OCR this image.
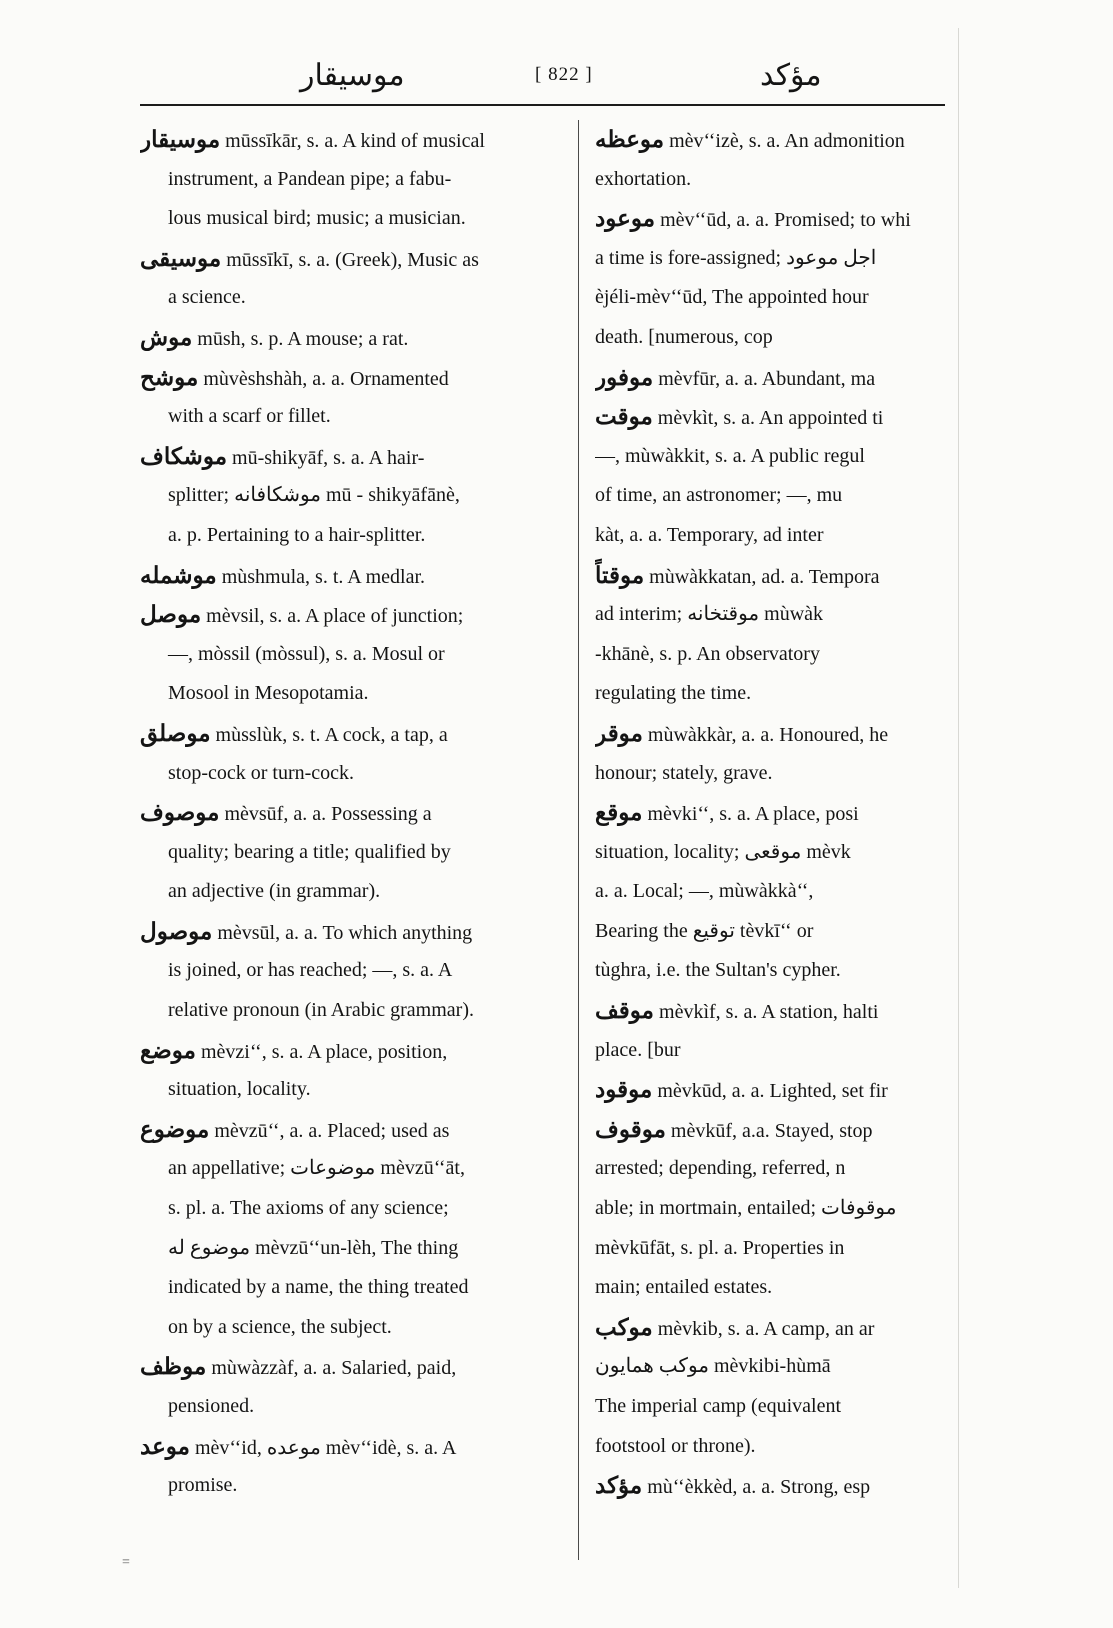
موسیقار	[ 822 ]	مؤكد
موسیقار mūssīkār, s. a. A kind of musical
instrument, a Pandean pipe; a fabu-
lous musical bird; music; a musician.
موسیقی mūssīkī, s. a. (Greek), Music as
a science.
موش mūsh, s. p. A mouse; a rat.
موشح mùvèshshàh, a. a. Ornamented
with a scarf or fillet.
موشكاف mū-shikyāf, s. a. A hair-
splitter; موشكافانه mū - shikyāfānè,
a. p. Pertaining to a hair-splitter.
موشمله mùshmula, s. t. A medlar.
موصل mèvsil, s. a. A place of junction;
—, mòssil (mòssul), s. a. Mosul or
Mosool in Mesopotamia.
موصلق mùsslùk, s. t. A cock, a tap, a
stop-cock or turn-cock.
موصوف mèvsūf, a. a. Possessing a
quality; bearing a title; qualified by
an adjective (in grammar).
موصول mèvsūl, a. a. To which anything
is joined, or has reached; —, s. a. A
relative pronoun (in Arabic grammar).
موضع mèvzi‘‘, s. a. A place, position,
situation, locality.
موضوع mèvzū‘‘, a. a. Placed; used as
an appellative; موضوعات mèvzū‘‘āt,
s. pl. a. The axioms of any science;
موضوع له mèvzū‘‘un-lèh, The thing
indicated by a name, the thing treated
on by a science, the subject.
موظف mùwàzzàf, a. a. Salaried, paid,
pensioned.
موعد mèv‘‘id, موعده mèv‘‘idè, s. a. A
promise.
موعظه mèv‘‘izè, s. a. An admonition
exhortation.
موعود mèv‘‘ūd, a. a. Promised; to whi
a time is fore-assigned; اجل موعود
èjéli-mèv‘‘ūd, The appointed hour
death. [numerous, cop
موفور mèvfūr, a. a. Abundant, ma
موقت mèvkìt, s. a. An appointed ti
—, mùwàkkit, s. a. A public regul
of time, an astronomer; —, mu
kàt, a. a. Temporary, ad inter
موقتاً mùwàkkatan, ad. a. Tempora
ad interim; موقتخانه mùwàk
-khānè, s. p. An observatory
regulating the time.
موقر mùwàkkàr, a. a. Honoured, he
honour; stately, grave.
موقع mèvki‘‘, s. a. A place, posi
situation, locality; موقعی mèvk
a. a. Local; —, mùwàkkà‘‘,
Bearing the توقیع tèvkī‘‘ or
tùghra, i.e. the Sultan's cypher.
موقف mèvkìf, s. a. A station, halti
place. [bur
موقود mèvkūd, a. a. Lighted, set fir
موقوف mèvkūf, a.a. Stayed, stop
arrested; depending, referred, n
able; in mortmain, entailed; موقوفات
mèvkūfāt, s. pl. a. Properties in
main; entailed estates.
موكب mèvkib, s. a. A camp, an ar
موكب همایون mèvkibi-hùmā
The imperial camp (equivalent
footstool or throne).
مؤكد mù‘‘èkkèd, a. a. Strong, esp
=
